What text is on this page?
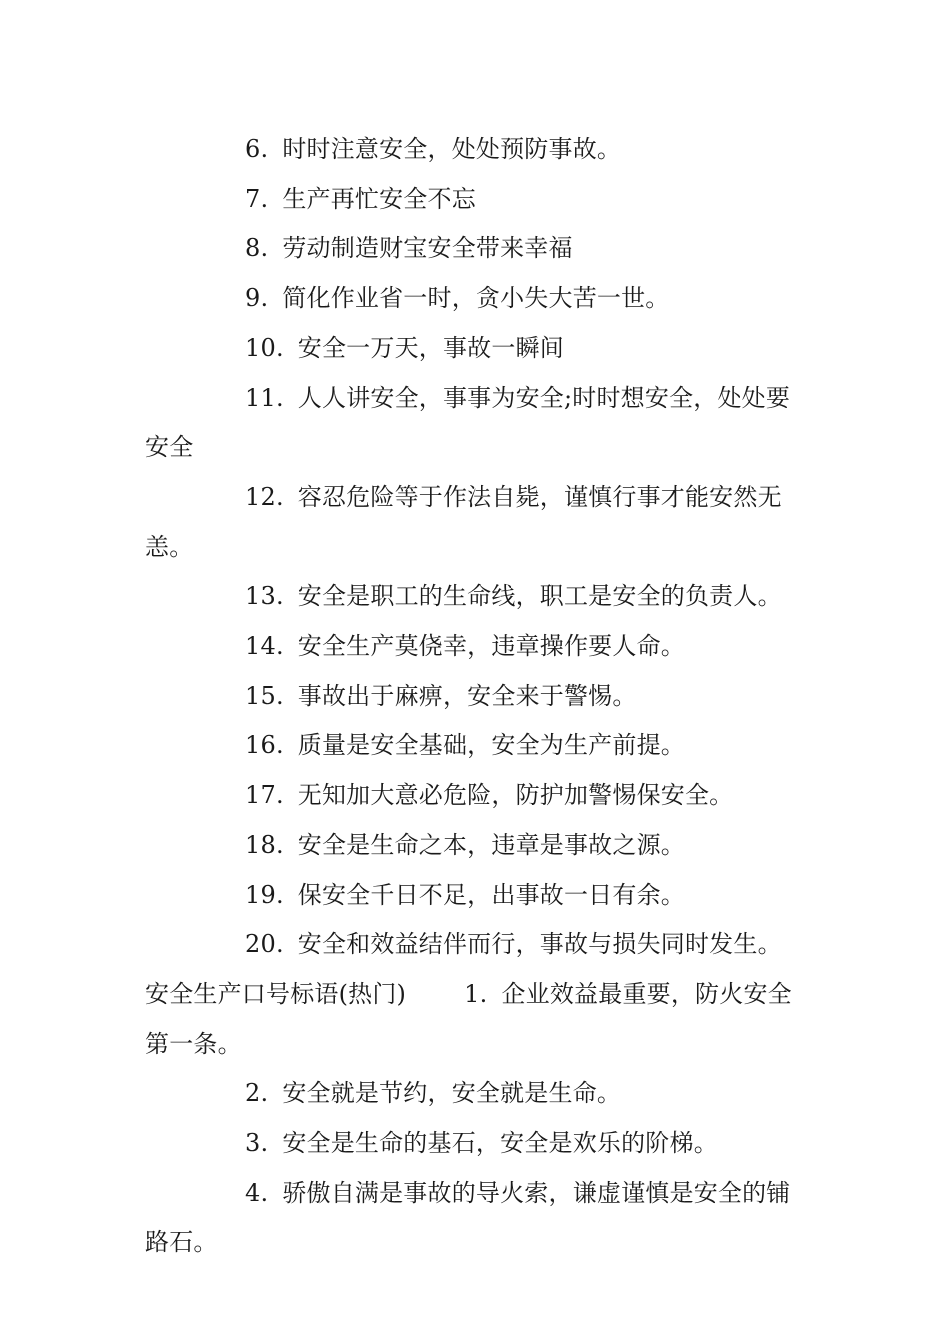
6. 时时注意安全，处处预防事故。

7. 生产再忙安全不忘

8. 劳动制造财宝安全带来幸福

9. 简化作业省一时，贪小失大苦一世。

10. 安全一万天，事故一瞬间

11. 人人讲安全，事事为安全;时时想安全，处处要安全

12. 容忍危险等于作法自毙，谨慎行事才能安然无恙。

13. 安全是职工的生命线，职工是安全的负责人。

14. 安全生产莫侥幸，违章操作要人命。

15. 事故出于麻痹，安全来于警惕。

16. 质量是安全基础，安全为生产前提。

17. 无知加大意必危险，防护加警惕保安全。

18. 安全是生命之本，违章是事故之源。

19. 保安全千日不足，出事故一日有余。

20. 安全和效益结伴而行，事故与损失同时发生。

安全生产口号标语(热门) 1. 企业效益最重要，防火安全第一条。

2. 安全就是节约，安全就是生命。

3. 安全是生命的基石，安全是欢乐的阶梯。

4. 骄傲自满是事故的导火索，谦虚谨慎是安全的铺路石。
